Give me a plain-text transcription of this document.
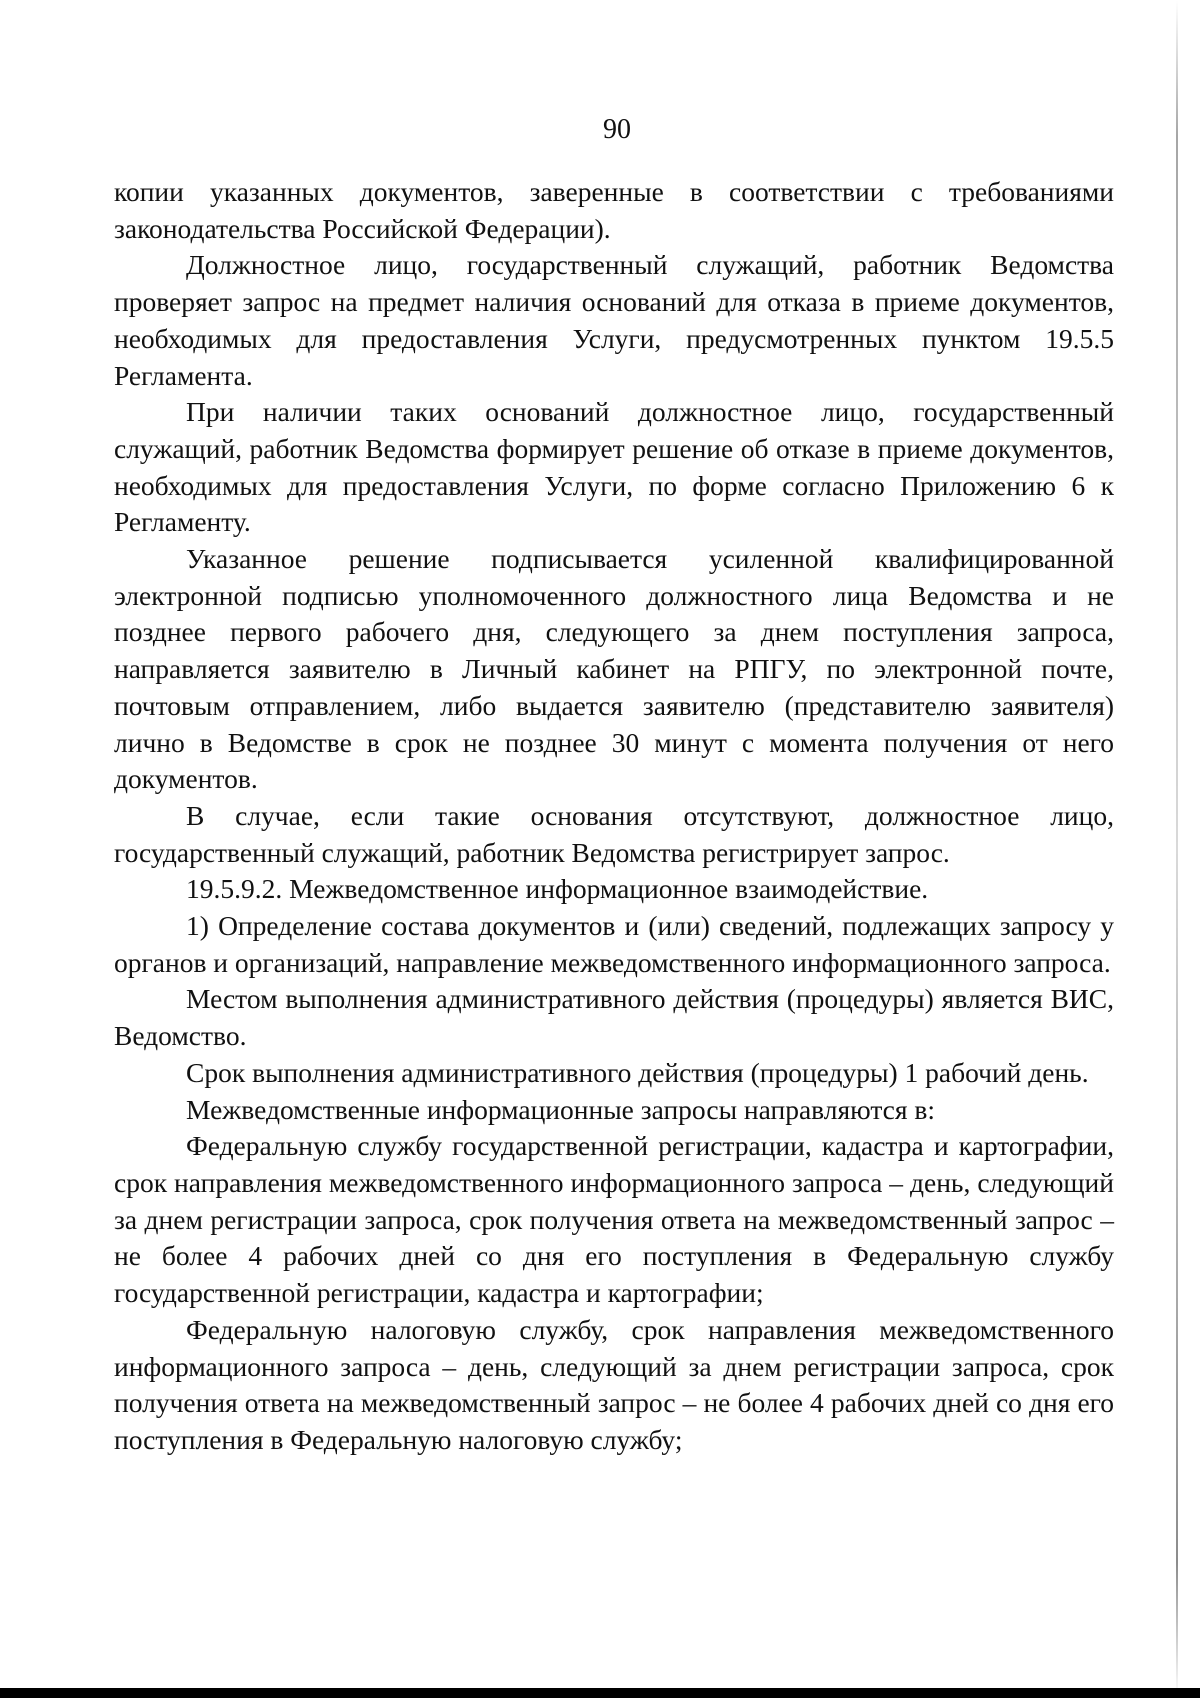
90

копии указанных документов, заверенные в соответствии с требованиями законодательства Российской Федерации).

Должностное лицо, государственный служащий, работник Ведомства проверяет запрос на предмет наличия оснований для отказа в приеме документов, необходимых для предоставления Услуги, предусмотренных пунктом 19.5.5 Регламента.

При наличии таких оснований должностное лицо, государственный служащий, работник Ведомства формирует решение об отказе в приеме документов, необходимых для предоставления Услуги, по форме согласно Приложению 6 к Регламенту.

Указанное решение подписывается усиленной квалифицированной электронной подписью уполномоченного должностного лица Ведомства и не позднее первого рабочего дня, следующего за днем поступления запроса, направляется заявителю в Личный кабинет на РПГУ, по электронной почте, почтовым отправлением, либо выдается заявителю (представителю заявителя) лично в Ведомстве в срок не позднее 30 минут с момента получения от него документов.

В случае, если такие основания отсутствуют, должностное лицо, государственный служащий, работник Ведомства регистрирует запрос.

19.5.9.2. Межведомственное информационное взаимодействие.

1) Определение состава документов и (или) сведений, подлежащих запросу у органов и организаций, направление межведомственного информационного запроса.

Местом выполнения административного действия (процедуры) является ВИС, Ведомство.

Срок выполнения административного действия (процедуры) 1 рабочий день.

Межведомственные информационные запросы направляются в:

Федеральную службу государственной регистрации, кадастра и картографии, срок направления межведомственного информационного запроса – день, следующий за днем регистрации запроса, срок получения ответа на межведомственный запрос – не более 4 рабочих дней со дня его поступления в Федеральную службу государственной регистрации, кадастра и картографии;

Федеральную налоговую службу, срок направления межведомственного информационного запроса – день, следующий за днем регистрации запроса, срок получения ответа на межведомственный запрос – не более 4 рабочих дней со дня его поступления в Федеральную налоговую службу;
